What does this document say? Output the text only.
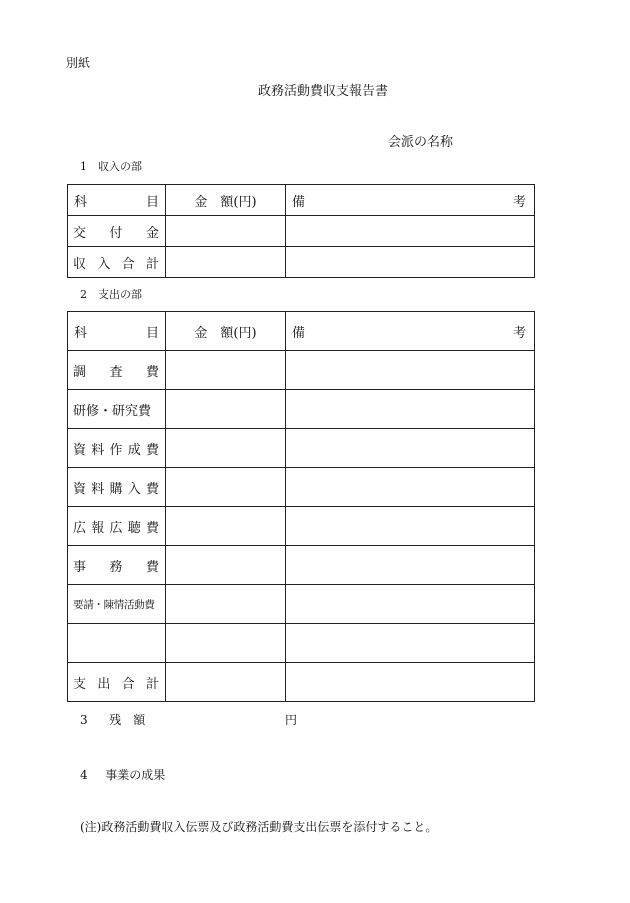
別紙
政務活動費収支報告書
会派の名称
1　収入の部
科 目	金　額(円)	備 考

交 付 金		

収 入 合 計		

2　支出の部
科 目	金　額(円)	備 考

調 査 費		

研修・研究費		

資 料 作 成 費		

資 料 購 入 費		

広 報 広 聴 費		

事 務 費		

要請・陳情活動費		

支 出 合 計		

3 残　額	円
4 事業の成果
(注)政務活動費収入伝票及び政務活動費支出伝票を添付すること。
